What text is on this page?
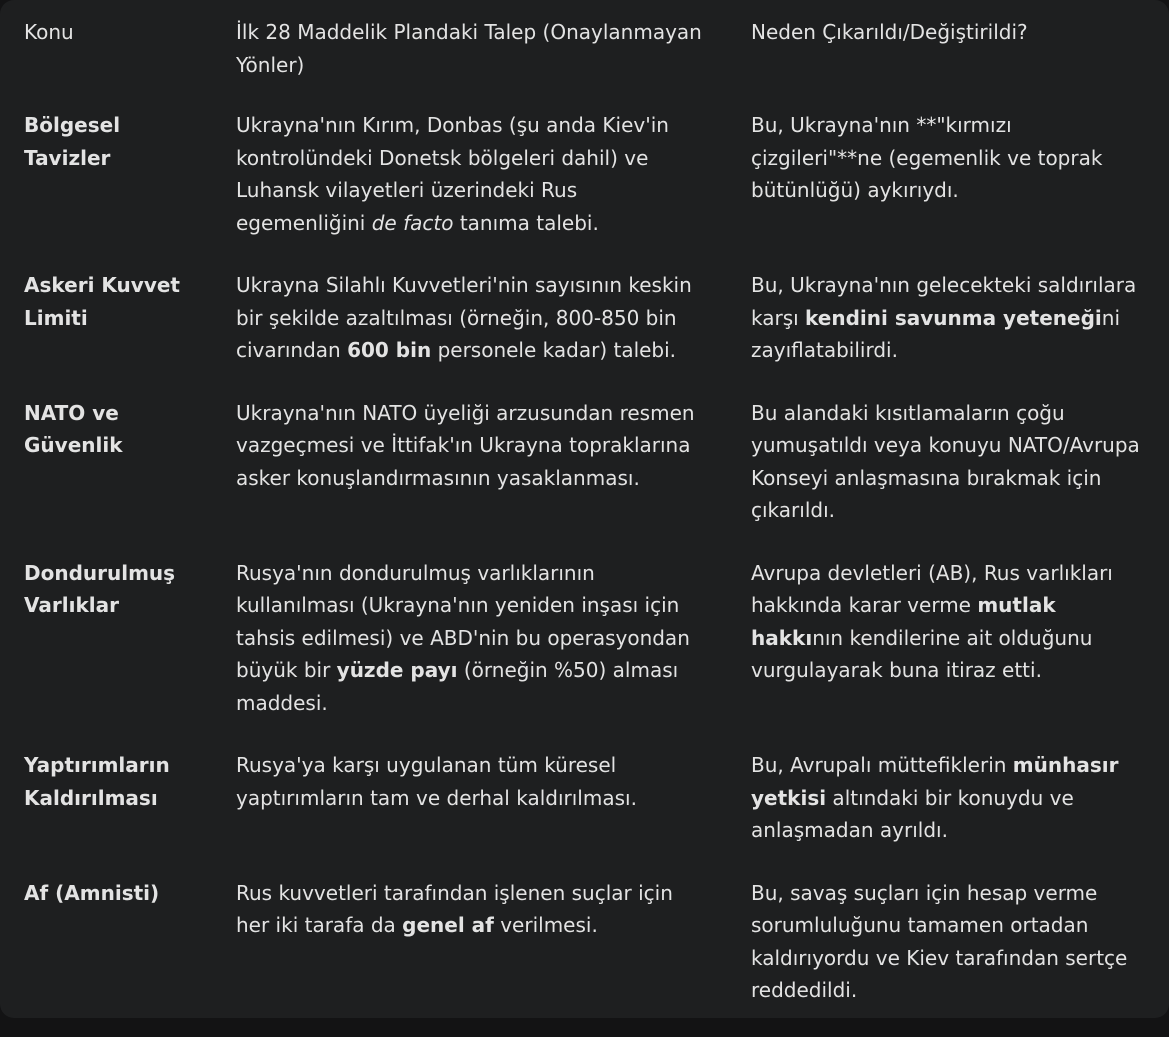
Konu	İlk 28 Maddelik Plandaki Talep (Onaylanmayan Yönler)	Neden Çıkarıldı/Değiştirildi?
Bölgesel Tavizler	Ukrayna'nın Kırım, Donbas (şu anda Kiev'in kontrolündeki Donetsk bölgeleri dahil) ve Luhansk vilayetleri üzerindeki Rus egemenliğini de facto tanıma talebi.	Bu, Ukrayna'nın **"kırmızı çizgileri"**ne (egemenlik ve toprak bütünlüğü) aykırıydı.
Askeri Kuvvet Limiti	Ukrayna Silahlı Kuvvetleri'nin sayısının keskin bir şekilde azaltılması (örneğin, 800-850 bin civarından 600 bin personele kadar) talebi.	Bu, Ukrayna'nın gelecekteki saldırılara karşı kendini savunma yeteneğini zayıflatabilirdi.
NATO ve Güvenlik	Ukrayna'nın NATO üyeliği arzusundan resmen vazgeçmesi ve İttifak'ın Ukrayna topraklarına asker konuşlandırmasının yasaklanması.	Bu alandaki kısıtlamaların çoğu yumuşatıldı veya konuyu NATO/Avrupa Konseyi anlaşmasına bırakmak için çıkarıldı.
Dondurulmuş Varlıklar	Rusya'nın dondurulmuş varlıklarının kullanılması (Ukrayna'nın yeniden inşası için tahsis edilmesi) ve ABD'nin bu operasyondan büyük bir yüzde payı (örneğin %50) alması maddesi.	Avrupa devletleri (AB), Rus varlıkları hakkında karar verme mutlak hakkının kendilerine ait olduğunu vurgulayarak buna itiraz etti.
Yaptırımların Kaldırılması	Rusya'ya karşı uygulanan tüm küresel yaptırımların tam ve derhal kaldırılması.	Bu, Avrupalı müttefiklerin münhasır yetkisi altındaki bir konuydu ve anlaşmadan ayrıldı.
Af (Amnisti)	Rus kuvvetleri tarafından işlenen suçlar için her iki tarafa da genel af verilmesi.	Bu, savaş suçları için hesap verme sorumluluğunu tamamen ortadan kaldırıyordu ve Kiev tarafından sertçe reddedildi.
